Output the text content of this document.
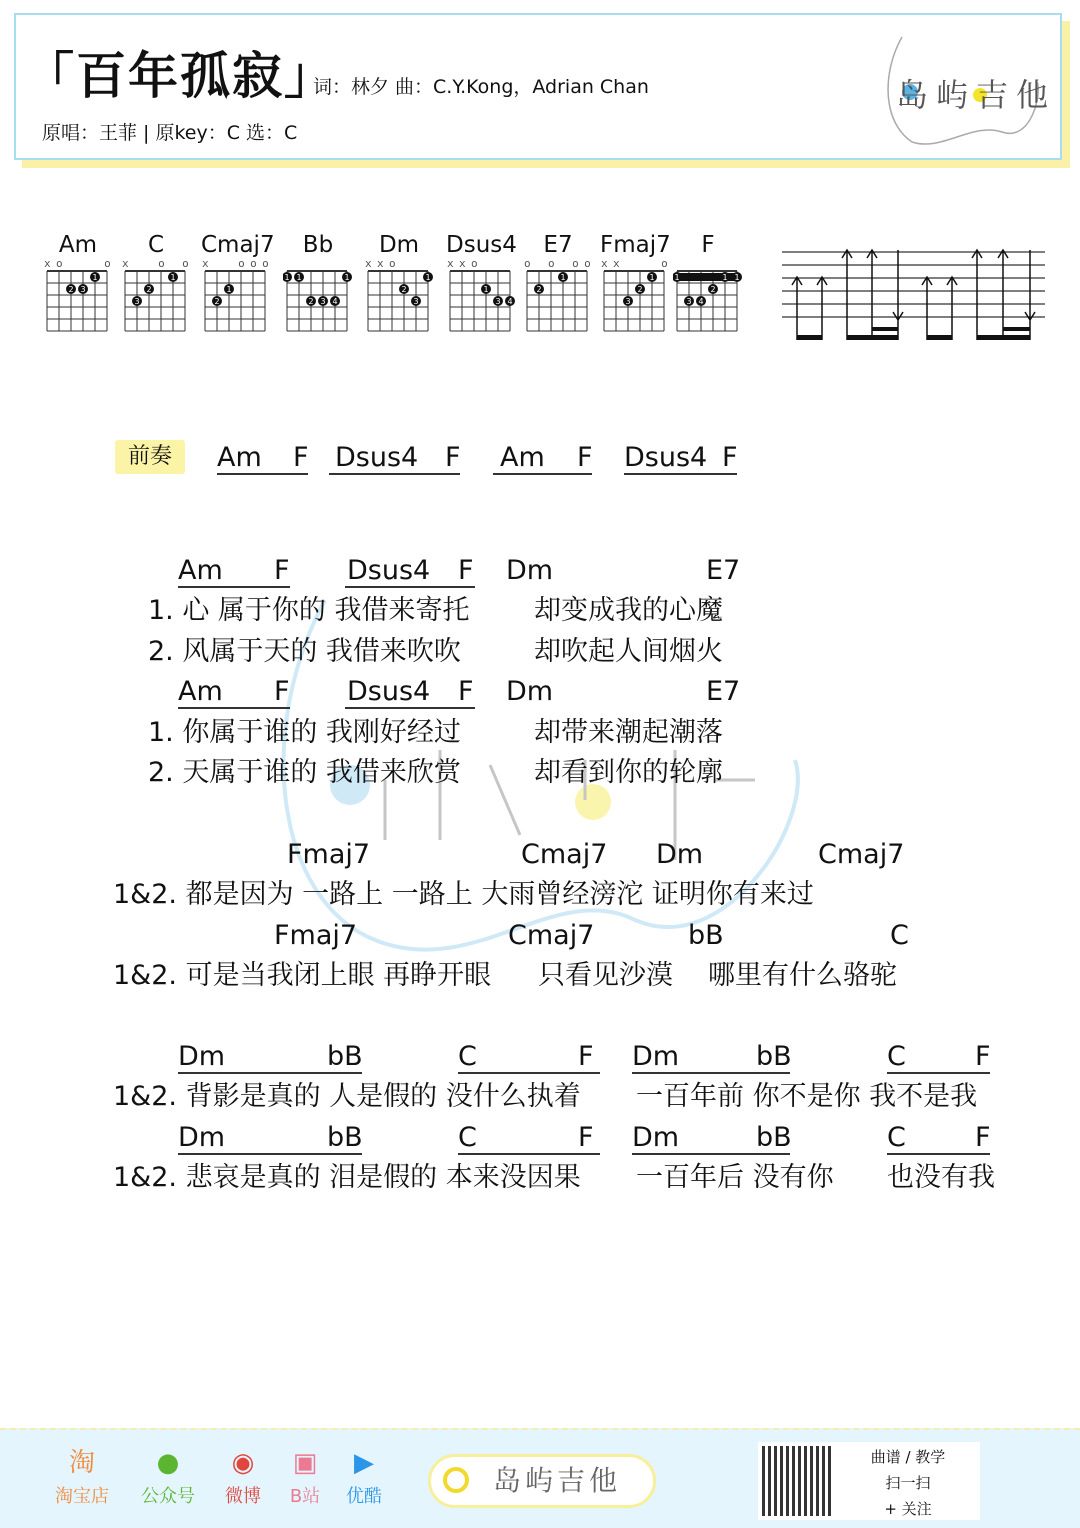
「百年孤寂」
词：林夕 曲：C.Y.Kong，Adrian Chan
原唱：王菲 | 原key：C 选：C
岛屿吉他
Am
1
2 3
xo   o
C
1
2
3
x  o o
Cmaj7
1
2
x  ooo
Bb
1 1	1
2 3 4

Dm
1
2
3
xxo
Dsus4
1
3 4
xxo
E7
1
2
o o oo
Fmaj7
1
2
3
xx   o
F
1	1 1
2
3 4

前奏	Am F Dsus4 F Am F Dsus4 F
Am F Dsus4 F Dm	E7
1. 心 属于你的 我借来寄托 却变成我的心魔
2. 风属于天的 我借来吹吹	却吹起人间烟火
Am F Dsus4 F Dm	E7
1. 你属于谁的 我刚好经过	却带来潮起潮落
2. 天属于谁的 我借来欣赏	却看到你的轮廓
Fmaj7	Cmaj7 Dm	Cmaj7
1&2. 都是因为 一路上 一路上 大雨曾经滂沱 证明你有来过
Fmaj7	Cmaj7	bB	C
1&2. 可是当我闭上眼 再睁开眼 只看见沙漠 哪里有什么骆驼
Dm	bB	C	F Dm	bB	C	F
1&2. 背影是真的 人是假的 没什么执着 一百年前 你不是你 我不是我
Dm	bB	C	F Dm	bB	C	F
1&2. 悲哀是真的 泪是假的 本来没因果 一百年后 没有你 也没有我
淘
淘宝店
●
公众号
◉
微博
▣
B站
▶
优酷	岛屿吉他
曲谱 / 教学
扫一扫
+ 关注
